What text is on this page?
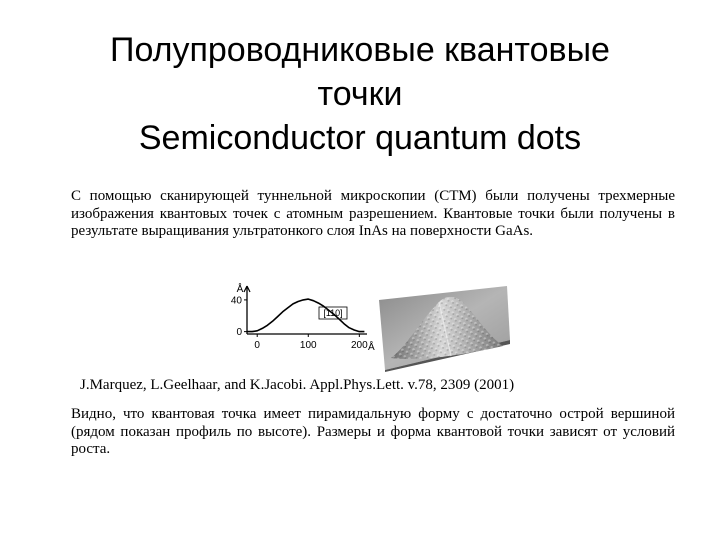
Полупроводниковые квантовые
точки
Semiconductor quantum dots

С помощью сканирующей туннельной микроскопии (СТМ) были получены трехмерные изображения квантовых точек с атомным разрешением. Квантовые точки были получены в результате выращивания ультратонкого слоя InAs на поверхности GaAs.

Å
Å
[110]
0	100	200
0
40

J.Marquez, L.Geelhaar, and K.Jacobi. Appl.Phys.Lett. v.78, 2309 (2001)

Видно, что квантовая точка имеет пирамидальную форму с достаточно острой вершиной (рядом показан профиль по высоте). Размеры и форма квантовой точки зависят от условий роста.
